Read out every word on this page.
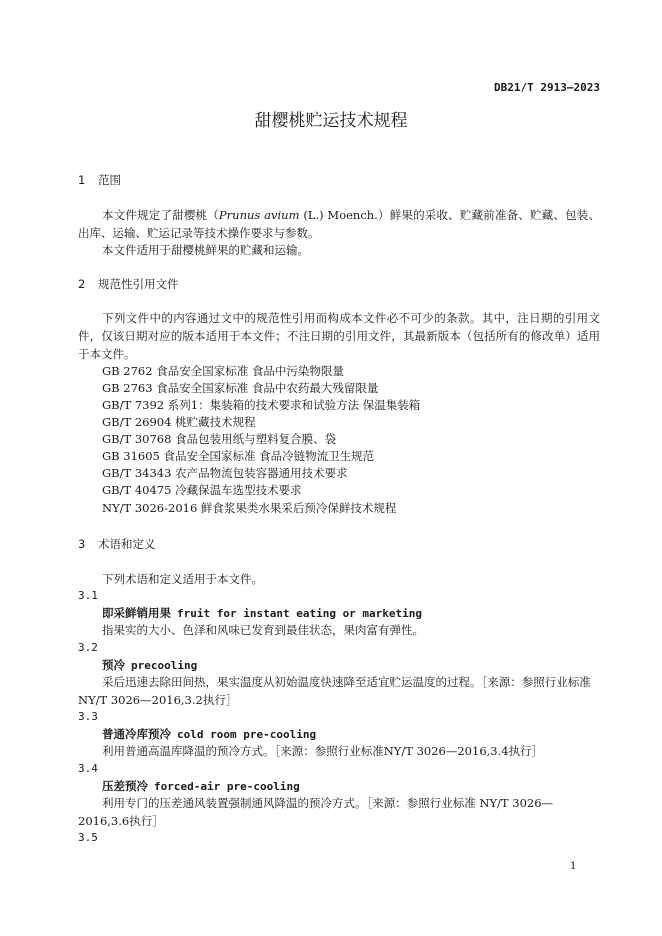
DB21/T 2913—2023
甜樱桃贮运技术规程
1 范围
本文件规定了甜樱桃（Prunus avium (L.) Moench.）鲜果的采收、贮藏前准备、贮藏、包装、出库、运输、贮运记录等技术操作要求与参数。
本文件适用于甜樱桃鲜果的贮藏和运输。
2 规范性引用文件
下列文件中的内容通过文中的规范性引用而构成本文件必不可少的条款。其中，注日期的引用文件，仅该日期对应的版本适用于本文件；不注日期的引用文件，其最新版本（包括所有的修改单）适用于本文件。
GB 2762 食品安全国家标准 食品中污染物限量
GB 2763 食品安全国家标准 食品中农药最大残留限量
GB/T 7392 系列1：集装箱的技术要求和试验方法 保温集装箱
GB/T 26904 桃贮藏技术规程
GB/T 30768 食品包装用纸与塑料复合膜、袋
GB 31605 食品安全国家标准 食品冷链物流卫生规范
GB/T 34343 农产品物流包装容器通用技术要求
GB/T 40475 冷藏保温车选型技术要求
NY/T 3026-2016 鲜食浆果类水果采后预冷保鲜技术规程
3 术语和定义
下列术语和定义适用于本文件。
3.1
即采鲜销用果 fruit for instant eating or marketing
指果实的大小、色泽和风味已发育到最佳状态，果肉富有弹性。
3.2
预冷 precooling
采后迅速去除田间热，果实温度从初始温度快速降至适宜贮运温度的过程。［来源：参照行业标准NY/T 3026—2016,3.2执行］
3.3
普通冷库预冷 cold room pre-cooling
利用普通高温库降温的预冷方式。［来源：参照行业标准NY/T 3026—2016,3.4执行］
3.4
压差预冷 forced-air pre-cooling
利用专门的压差通风装置强制通风降温的预冷方式。［来源：参照行业标准 NY/T 3026—2016,3.6执行］
3.5
1
